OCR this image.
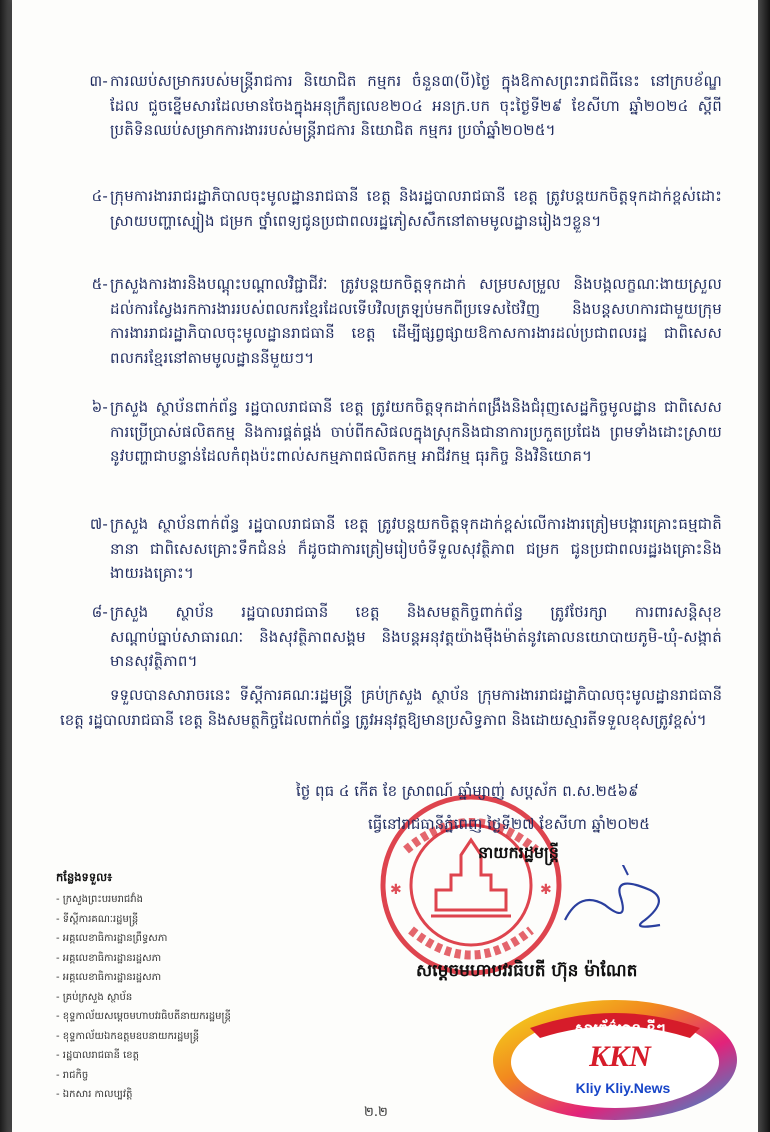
៣- ការឈប់សម្រាករបស់មន្ត្រីរាជការ និយោជិត កម្មករ ចំនួន៣(បី)ថ្ងៃ ក្នុងឱកាសព្រះរាជពិធីនេះ នៅក្របខ័ណ្ឌដែល ជួចខ្នើមសារដែលមានចែងក្នុងអនុក្រឹត្យលេខ២០៤ អនក្រ.បក ចុះថ្ងៃទី២៩ ខែសីហា ឆ្នាំ២០២៤ ស្តីពីប្រតិទិនឈប់សម្រាកការងាររបស់មន្ត្រីរាជការ និយោជិត កម្មករ ប្រចាំឆ្នាំ២០២៥។
៤- ក្រុមការងាររាជរដ្ឋាភិបាលចុះមូលដ្ឋានរាជធានី ខេត្ត និងរដ្ឋបាលរាជធានី ខេត្ត ត្រូវបន្តយកចិត្តទុកដាក់ខ្ពស់ដោះស្រាយបញ្ហាស្បៀង ជម្រក ថ្នាំពេទ្យជូនប្រជាពលរដ្ឋភៀសសឹកនៅតាមមូលដ្ឋានរៀងៗខ្លួន។
៥- ក្រសួងការងារនិងបណ្តុះបណ្តាលវិជ្ជាជីវៈ ត្រូវបន្តយកចិត្តទុកដាក់ សម្របសម្រួល និងបង្កលក្ខណៈងាយស្រួលដល់ការស្វែងរកការងាររបស់ពលករខ្មែរដែលទើបវិលត្រឡប់មកពីប្រទេសថៃវិញ និងបន្តសហការជាមួយក្រុមការងាររាជរដ្ឋាភិបាលចុះមូលដ្ឋានរាជធានី ខេត្ត ដើម្បីផ្សព្វផ្សាយឱកាសការងារដល់ប្រជាពលរដ្ឋ ជាពិសេសពលករខ្មែរនៅតាមមូលដ្ឋាននីមួយៗ។
៦- ក្រសួង ស្ថាប័នពាក់ព័ន្ធ រដ្ឋបាលរាជធានី ខេត្ត ត្រូវយកចិត្តទុកដាក់ពង្រឹងនិងជំរុញសេដ្ឋកិច្ចមូលដ្ឋាន ជាពិសេសការប្រើប្រាស់ផលិតកម្ម និងការផ្គត់ផ្គង់ ចាប់ពីកសិផលក្នុងស្រុកនិងជានាការប្រកួតប្រជែង ព្រមទាំងដោះស្រាយនូវបញ្ហាជាបន្ទាន់ដែលកំពុងប៉ះពាល់សកម្មភាពផលិតកម្ម អាជីវកម្ម ធុរកិច្ច និងវិនិយោគ។
៧- ក្រសួង ស្ថាប័នពាក់ព័ន្ធ រដ្ឋបាលរាជធានី ខេត្ត ត្រូវបន្តយកចិត្តទុកដាក់ខ្ពស់លើការងារត្រៀមបង្ការគ្រោះធម្មជាតិនានា ជាពិសេសគ្រោះទឹកជំនន់ ក៏ដូចជាការត្រៀមរៀបចំទីទួលសុវត្ថិភាព ជម្រក ជូនប្រជាពលរដ្ឋរងគ្រោះនិងងាយរងគ្រោះ។
៨- ក្រសួង ស្ថាប័ន រដ្ឋបាលរាជធានី ខេត្ត និងសមត្ថកិច្ចពាក់ព័ន្ធ ត្រូវថែរក្សា ការពារសន្តិសុខសណ្តាប់ធ្នាប់សាធារណៈ និងសុវត្ថិភាពសង្គម និងបន្តអនុវត្តយ៉ាងម៉ឺងម៉ាត់នូវគោលនយោបាយភូមិ-ឃុំ-សង្កាត់មានសុវត្ថិភាព។
ទទួលបានសារាចរនេះ ទីស្តីការគណៈរដ្ឋមន្ត្រី គ្រប់ក្រសួង ស្ថាប័ន ក្រុមការងាររាជរដ្ឋាភិបាលចុះមូលដ្ឋានរាជធានី ខេត្ត រដ្ឋបាលរាជធានី ខេត្ត និងសមត្ថកិច្ចដែលពាក់ព័ន្ធ ត្រូវអនុវត្តឱ្យមានប្រសិទ្ធភាព និងដោយស្មារតីទទួលខុសត្រូវខ្ពស់។
✱	✱
ថ្ងៃ ពុធ ៤ កើត ខែ ស្រាពណ៍ ឆ្នាំម្សាញ់ សប្តស័ក ព.ស.២៥៦៩
ធ្វើនៅរាជធានីភ្នំពេញ ថ្ងៃទី២៧ ខែសីហា ឆ្នាំ២០២៥
នាយករដ្ឋមន្ត្រី
សម្តេចមហាបវរធិបតី ហ៊ុន ម៉ាណែត
កន្លែងទទួល៖
- ក្រសួងព្រះបរមរាជវាំង
- ទីស្តីការគណៈរដ្ឋមន្ត្រី
- អគ្គលេខាធិការដ្ឋានព្រឹទ្ធសភា
- អគ្គលេខាធិការដ្ឋានរដ្ឋសភា
- អគ្គលេខាធិការដ្ឋានរដ្ឋសភា
- គ្រប់ក្រសួង ស្ថាប័ន
- ខុទ្ទកាល័យសម្តេចមហាបវរធិបតីនាយករដ្ឋមន្ត្រី
- ខុទ្ទកាល័យឯកឧត្តមឧបនាយករដ្ឋមន្ត្រី
- រដ្ឋបាលរាជធានី ខេត្ត
- រាជកិច្ច
- ឯកសារ កាលប្បវត្តិ
២.២
សារព័ត៌មាន ខ្លីៗ
KKN
Kliy Kliy.News
